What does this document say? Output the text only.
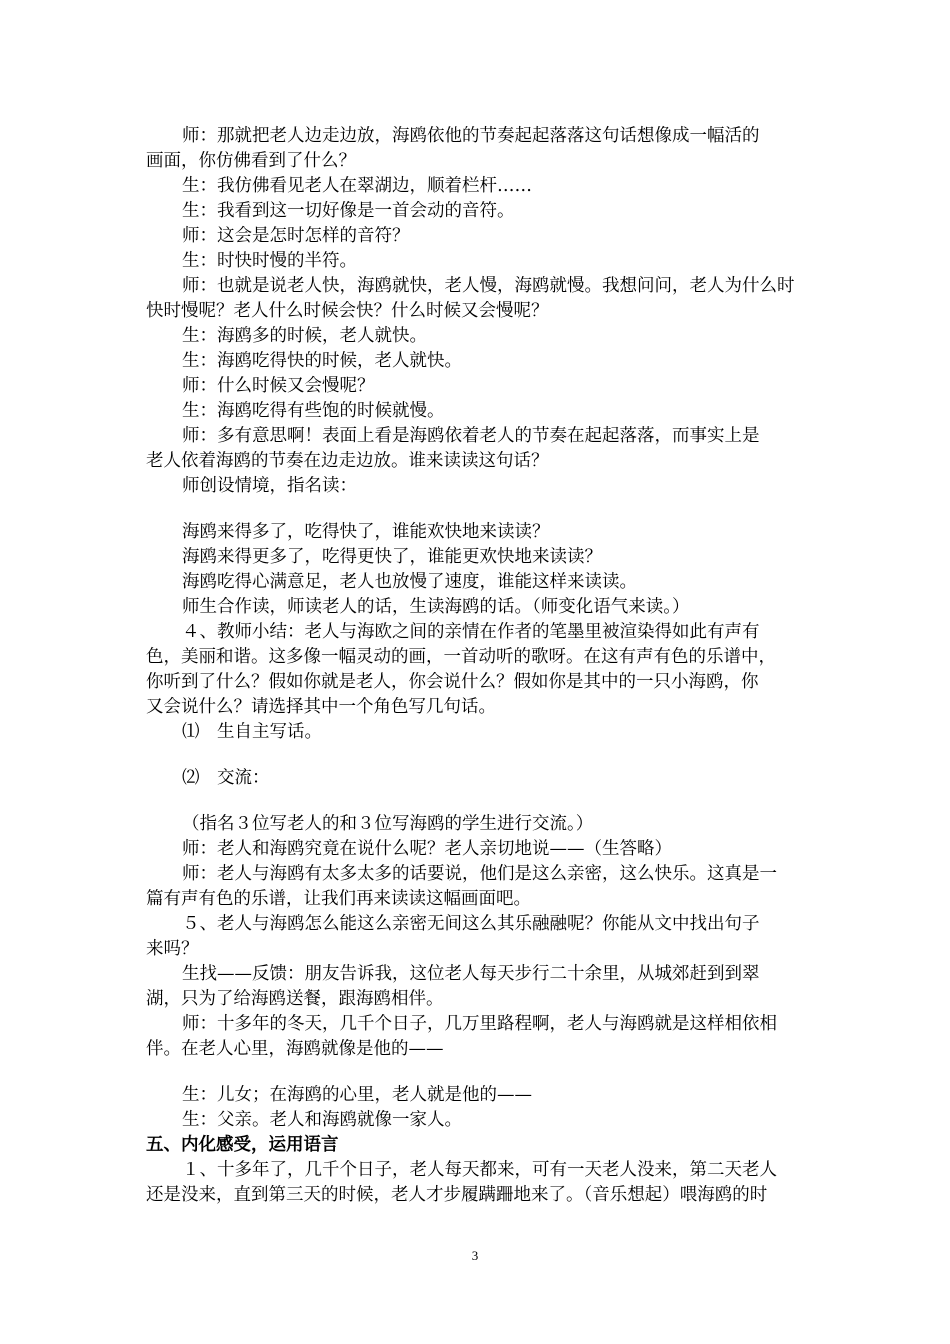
师：那就把老人边走边放，海鸥依他的节奏起起落落这句话想像成一幅活的
画面，你仿佛看到了什么？
生：我仿佛看见老人在翠湖边，顺着栏杆……
生：我看到这一切好像是一首会动的音符。
师：这会是怎时怎样的音符？
生：时快时慢的半符。
师：也就是说老人快，海鸥就快，老人慢，海鸥就慢。我想问问，老人为什么时
快时慢呢？老人什么时候会快？什么时候又会慢呢？
生：海鸥多的时候，老人就快。
生：海鸥吃得快的时候，老人就快。
师：什么时候又会慢呢？
生：海鸥吃得有些饱的时候就慢。
师：多有意思啊！表面上看是海鸥依着老人的节奏在起起落落，而事实上是
老人依着海鸥的节奏在边走边放。谁来读读这句话？
师创设情境，指名读：
海鸥来得多了，吃得快了，谁能欢快地来读读？
海鸥来得更多了，吃得更快了，谁能更欢快地来读读？
海鸥吃得心满意足，老人也放慢了速度，谁能这样来读读。
师生合作读，师读老人的话，生读海鸥的话。（师变化语气来读。）
４、教师小结：老人与海欧之间的亲情在作者的笔墨里被渲染得如此有声有
色，美丽和谐。这多像一幅灵动的画，一首动听的歌呀。在这有声有色的乐谱中，
你听到了什么？假如你就是老人，你会说什么？假如你是其中的一只小海鸥，你
又会说什么？请选择其中一个角色写几句话。
⑴　生自主写话。
⑵　交流：
（指名３位写老人的和３位写海鸥的学生进行交流。）
师：老人和海鸥究竟在说什么呢？老人亲切地说——（生答略）
师：老人与海鸥有太多太多的话要说，他们是这么亲密，这么快乐。这真是一
篇有声有色的乐谱，让我们再来读读这幅画面吧。
５、老人与海鸥怎么能这么亲密无间这么其乐融融呢？你能从文中找出句子
来吗？
生找——反馈：朋友告诉我，这位老人每天步行二十余里，从城郊赶到到翠
湖，只为了给海鸥送餐，跟海鸥相伴。
师：十多年的冬天，几千个日子，几万里路程啊，老人与海鸥就是这样相依相
伴。在老人心里，海鸥就像是他的——
生：儿女；在海鸥的心里，老人就是他的——
生：父亲。老人和海鸥就像一家人。
五、内化感受，运用语言
１、十多年了，几千个日子，老人每天都来，可有一天老人没来，第二天老人
还是没来，直到第三天的时候，老人才步履蹒跚地来了。（音乐想起）喂海鸥的时
3
